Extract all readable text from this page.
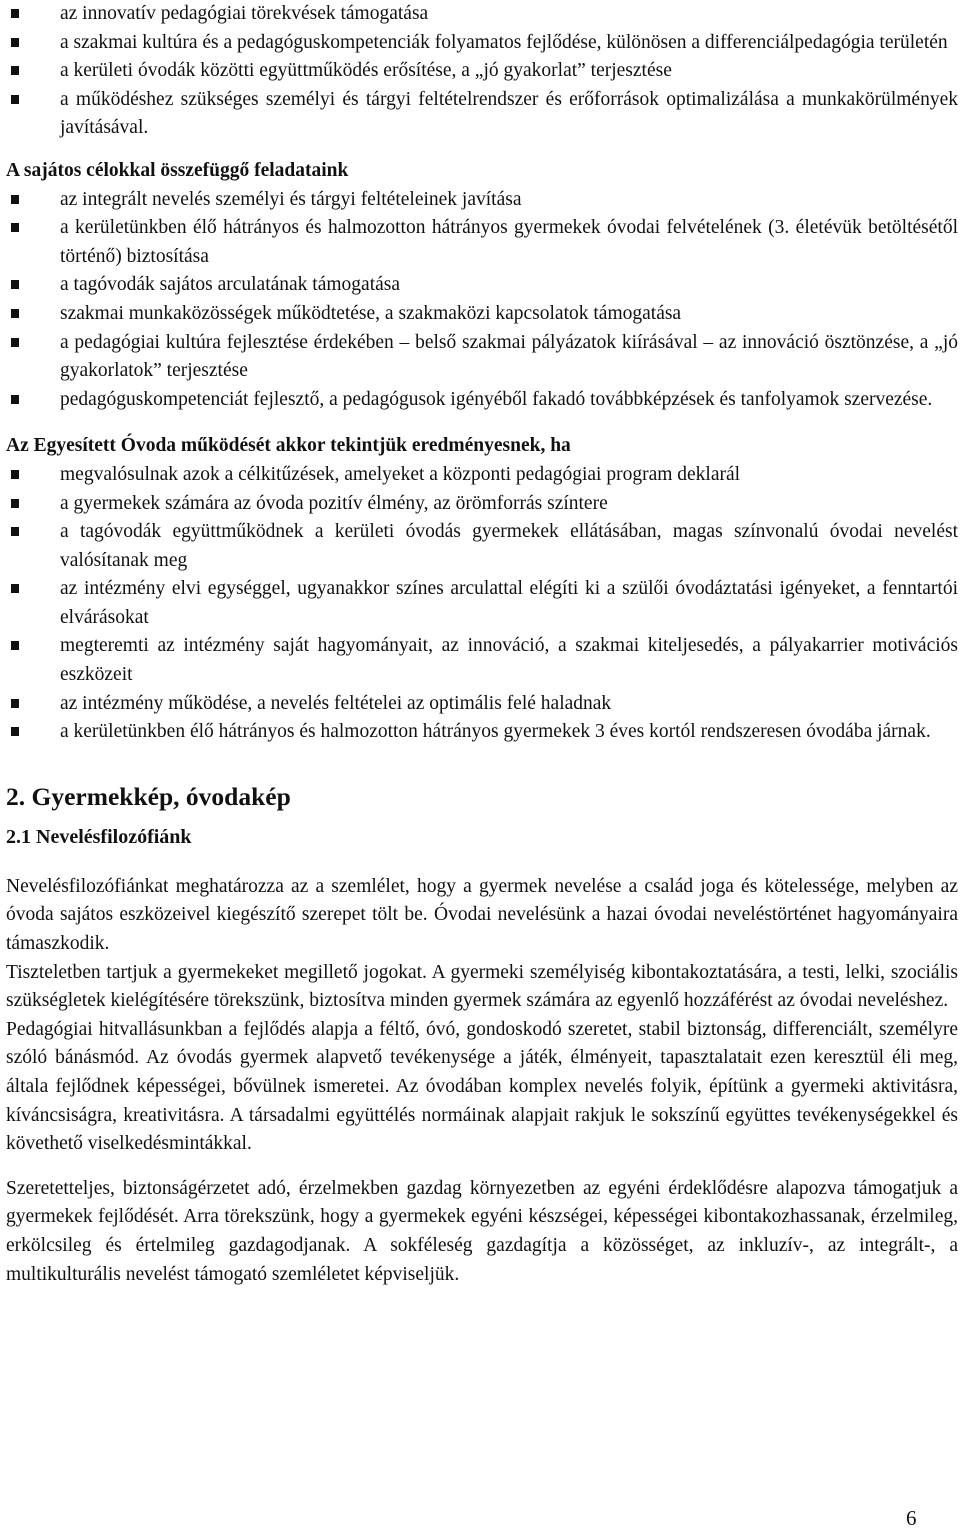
az innovatív pedagógiai törekvések támogatása
a szakmai kultúra és a pedagóguskompetenciák folyamatos fejlődése, különösen a differenciálpedagógia területén
a kerületi óvodák közötti együttműködés erősítése, a „jó gyakorlat” terjesztése
a működéshez szükséges személyi és tárgyi feltételrendszer és erőforrások optimalizálása a munkakörülmények javításával.

A sajátos célokkal összefüggő feladataink

az integrált nevelés személyi és tárgyi feltételeinek javítása
a kerületünkben élő hátrányos és halmozotton hátrányos gyermekek óvodai felvételének (3. életévük betöltésétől történő) biztosítása
a tagóvodák sajátos arculatának támogatása
szakmai munkaközösségek működtetése, a szakmaközi kapcsolatok támogatása
a pedagógiai kultúra fejlesztése érdekében – belső szakmai pályázatok kiírásával – az innováció ösztönzése, a „jó gyakorlatok” terjesztése
pedagóguskompetenciát fejlesztő, a pedagógusok igényéből fakadó továbbképzések és tanfolyamok szervezése.

Az Egyesített Óvoda működését akkor tekintjük eredményesnek, ha

megvalósulnak azok a célkitűzések, amelyeket a központi pedagógiai program deklarál
a gyermekek számára az óvoda pozitív élmény, az örömforrás színtere
a tagóvodák együttműködnek a kerületi óvodás gyermekek ellátásában, magas színvonalú óvodai nevelést valósítanak meg
az intézmény elvi egységgel, ugyanakkor színes arculattal elégíti ki a szülői óvodáztatási igényeket, a fenntartói elvárásokat
megteremti az intézmény saját hagyományait, az innováció, a szakmai kiteljesedés, a pályakarrier motivációs eszközeit
az intézmény működése, a nevelés feltételei az optimális felé haladnak
a kerületünkben élő hátrányos és halmozotton hátrányos gyermekek 3 éves kortól rendszeresen óvodába járnak.
2. Gyermekkép, óvodakép
2.1 Nevelésfilozófiánk

Nevelésfilozófiánkat meghatározza az a szemlélet, hogy a gyermek nevelése a család joga és kötelessége, melyben az óvoda sajátos eszközeivel kiegészítő szerepet tölt be. Óvodai nevelésünk a hazai óvodai neveléstörténet hagyományaira támaszkodik.

Tiszteletben tartjuk a gyermekeket megillető jogokat. A gyermeki személyiség kibontakoztatására, a testi, lelki, szociális szükségletek kielégítésére törekszünk, biztosítva minden gyermek számára az egyenlő hozzáférést az óvodai neveléshez.

Pedagógiai hitvallásunkban a fejlődés alapja a féltő, óvó, gondoskodó szeretet, stabil biztonság, differenciált, személyre szóló bánásmód. Az óvodás gyermek alapvető tevékenysége a játék, élményeit, tapasztalatait ezen keresztül éli meg, általa fejlődnek képességei, bővülnek ismeretei. Az óvodában komplex nevelés folyik, építünk a gyermeki aktivitásra, kíváncsiságra, kreativitásra. A társadalmi együttélés normáinak alapjait rakjuk le sokszínű együttes tevékenységekkel és követhető viselkedésmintákkal.

Szeretetteljes, biztonságérzetet adó, érzelmekben gazdag környezetben az egyéni érdeklődésre alapozva támogatjuk a gyermekek fejlődését. Arra törekszünk, hogy a gyermekek egyéni készségei, képességei kibontakozhassanak, érzelmileg, erkölcsileg és értelmileg gazdagodjanak. A sokféleség gazdagítja a közösséget, az inkluzív-, az integrált-, a multikulturális nevelést támogató szemléletet képviseljük.

6
